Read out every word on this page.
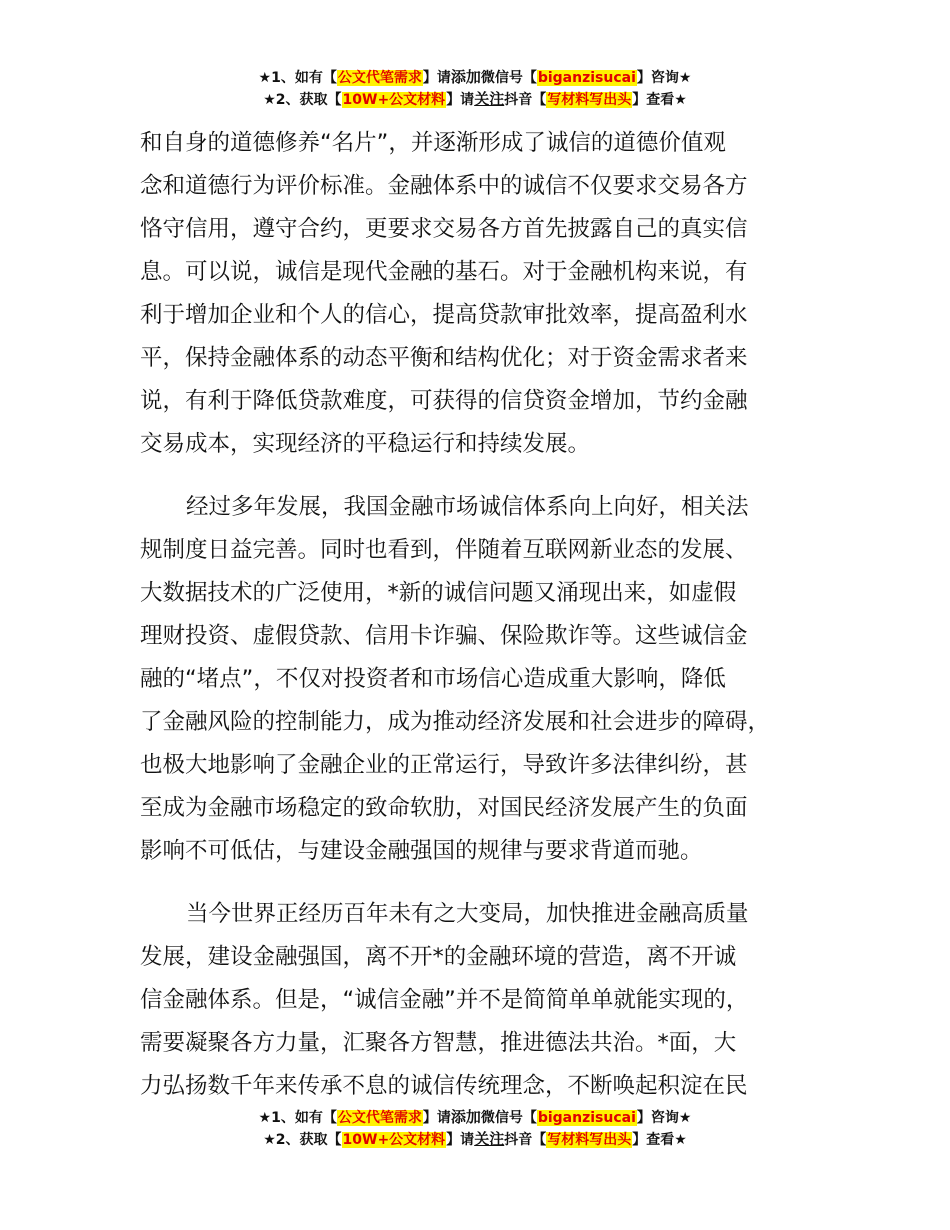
★1、如有【公文代笔需求】请添加微信号【biganzisucai】咨询★
★2、获取【10W+公文材料】请关注抖音【写材料写出头】查看★
和自身的道德修养“名片”，并逐渐形成了诚信的道德价值观
念和道德行为评价标准。金融体系中的诚信不仅要求交易各方
恪守信用，遵守合约，更要求交易各方首先披露自己的真实信
息。可以说，诚信是现代金融的基石。对于金融机构来说，有
利于增加企业和个人的信心，提高贷款审批效率，提高盈利水
平，保持金融体系的动态平衡和结构优化；对于资金需求者来
说，有利于降低贷款难度，可获得的信贷资金增加，节约金融
交易成本，实现经济的平稳运行和持续发展。
经过多年发展，我国金融市场诚信体系向上向好，相关法
规制度日益完善。同时也看到，伴随着互联网新业态的发展、
大数据技术的广泛使用，*新的诚信问题又涌现出来，如虚假
理财投资、虚假贷款、信用卡诈骗、保险欺诈等。这些诚信金
融的“堵点”，不仅对投资者和市场信心造成重大影响，降低
了金融风险的控制能力，成为推动经济发展和社会进步的障碍，
也极大地影响了金融企业的正常运行，导致许多法律纠纷，甚
至成为金融市场稳定的致命软肋，对国民经济发展产生的负面
影响不可低估，与建设金融强国的规律与要求背道而驰。
当今世界正经历百年未有之大变局，加快推进金融高质量
发展，建设金融强国，离不开*的金融环境的营造，离不开诚
信金融体系。但是，“诚信金融”并不是简简单单就能实现的，
需要凝聚各方力量，汇聚各方智慧，推进德法共治。*面，大
力弘扬数千年来传承不息的诚信传统理念，不断唤起积淀在民
★1、如有【公文代笔需求】请添加微信号【biganzisucai】咨询★
★2、获取【10W+公文材料】请关注抖音【写材料写出头】查看★
